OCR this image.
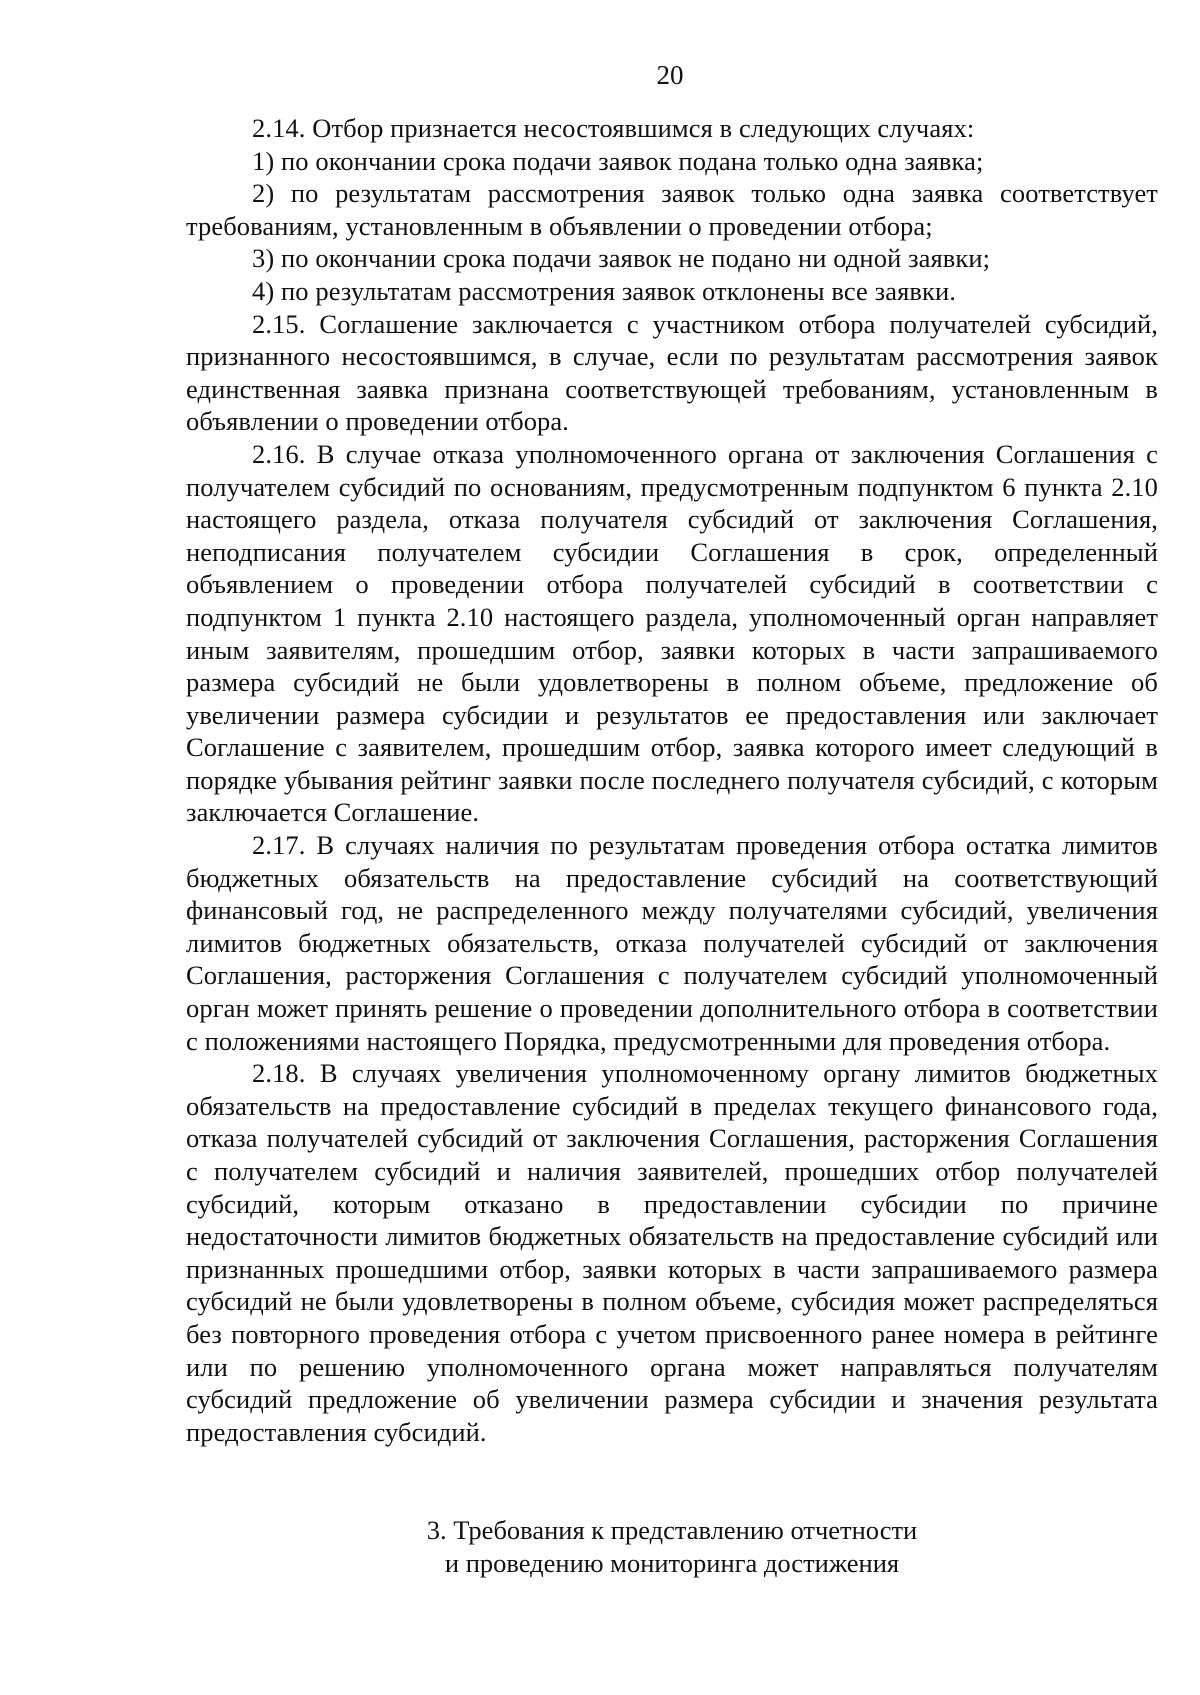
20

2.14. Отбор признается несостоявшимся в следующих случаях:

1) по окончании срока подачи заявок подана только одна заявка;

2) по результатам рассмотрения заявок только одна заявка соответствует требованиям, установленным в объявлении о проведении отбора;

3) по окончании срока подачи заявок не подано ни одной заявки;

4) по результатам рассмотрения заявок отклонены все заявки.

2.15. Соглашение заключается с участником отбора получателей субсидий, признанного несостоявшимся, в случае, если по результатам рассмотрения заявок единственная заявка признана соответствующей требованиям, установленным в объявлении о проведении отбора.

2.16. В случае отказа уполномоченного органа от заключения Соглашения с получателем субсидий по основаниям, предусмотренным подпунктом 6 пункта 2.10 настоящего раздела, отказа получателя субсидий от заключения Соглашения, неподписания получателем субсидии Соглашения в срок, определенный объявлением о проведении отбора получателей субсидий в соответствии с подпунктом 1 пункта 2.10 настоящего раздела, уполномоченный орган направляет иным заявителям, прошедшим отбор, заявки которых в части запрашиваемого размера субсидий не были удовлетворены в полном объеме, предложение об увеличении размера субсидии и результатов ее предоставления или заключает Соглашение с заявителем, прошедшим отбор, заявка которого имеет следующий в порядке убывания рейтинг заявки после последнего получателя субсидий, с которым заключается Соглашение.

2.17. В случаях наличия по результатам проведения отбора остатка лимитов бюджетных обязательств на предоставление субсидий на соответствующий финансовый год, не распределенного между получателями субсидий, увеличения лимитов бюджетных обязательств, отказа получателей субсидий от заключения Соглашения, расторжения Соглашения с получателем субсидий уполномоченный орган может принять решение о проведении дополнительного отбора в соответствии с положениями настоящего Порядка, предусмотренными для проведения отбора.

2.18. В случаях увеличения уполномоченному органу лимитов бюджетных обязательств на предоставление субсидий в пределах текущего финансового года, отказа получателей субсидий от заключения Соглашения, расторжения Соглашения с получателем субсидий и наличия заявителей, прошедших отбор получателей субсидий, которым отказано в предоставлении субсидии по причине недостаточности лимитов бюджетных обязательств на предоставление субсидий или признанных прошедшими отбор, заявки которых в части запрашиваемого размера субсидий не были удовлетворены в полном объеме, субсидия может распределяться без повторного проведения отбора с учетом присвоенного ранее номера в рейтинге или по решению уполномоченного органа может направляться получателям субсидий предложение об увеличении размера субсидии и значения результата предоставления субсидий.

3. Требования к представлению отчетности
и проведению мониторинга достижения
